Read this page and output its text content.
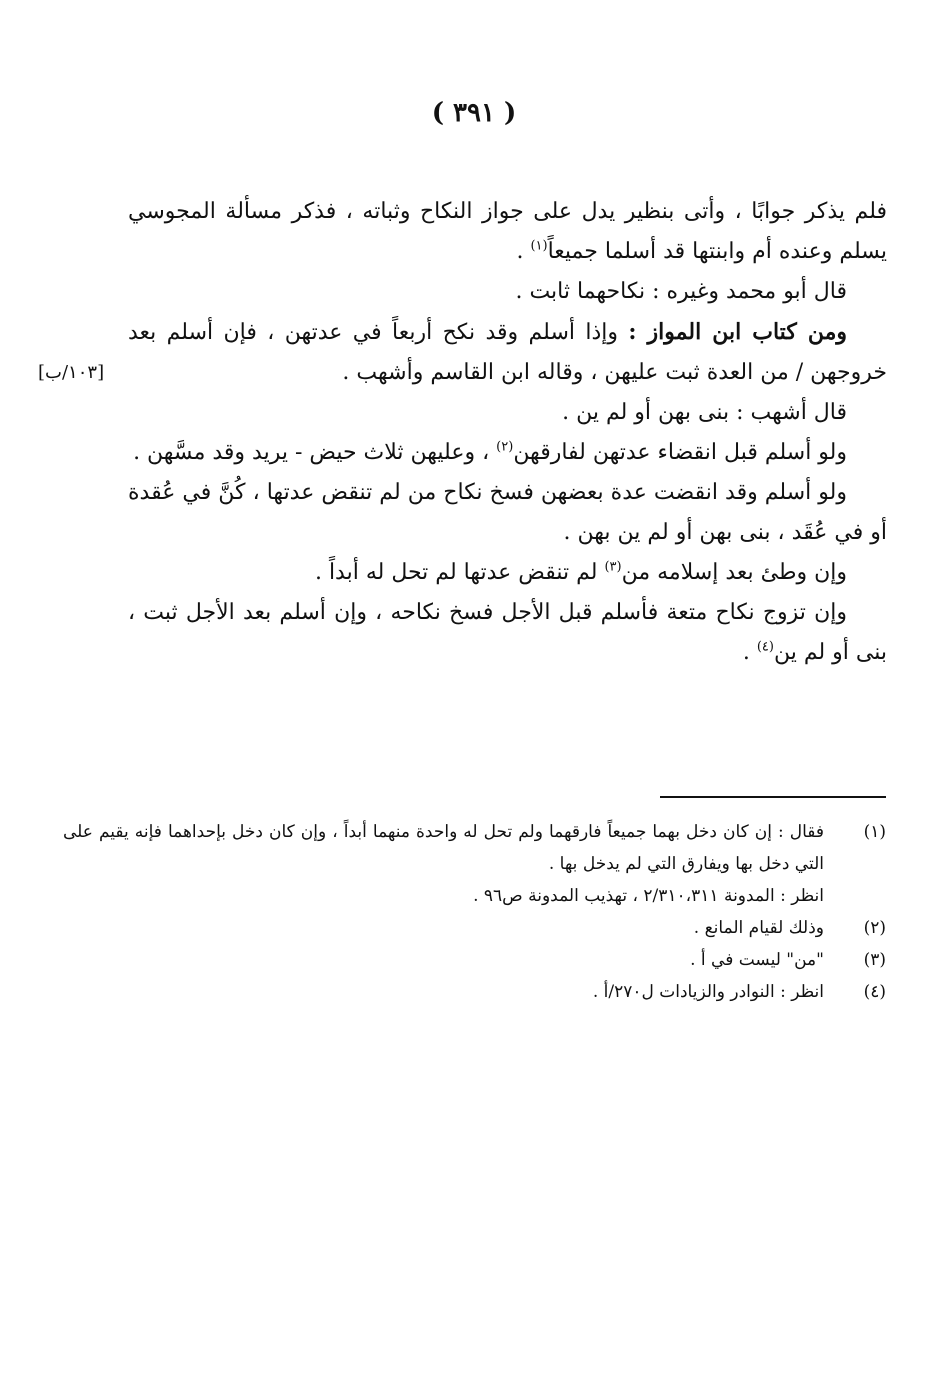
( ٣٩١ )
[١٠٣/ب]

فلم يذكر جوابًا ، وأتى بنظير يدل على جواز النكاح وثباته ، فذكر مسألة المجوسي يسلم وعنده أم وابنتها قد أسلما جميعاً$^{(١)}$ .

قال أبو محمد وغيره : نكاحهما ثابت .

ومن كتاب ابن المواز : وإذا أسلم وقد نكح أربعاً في عدتهن ، فإن أسلم بعد خروجهن / من العدة ثبت عليهن ، وقاله ابن القاسم وأشهب .

قال أشهب : بنى بهن أو لم ين .

ولو أسلم قبل انقضاء عدتهن لفارقهن$^{(٢)}$ ، وعليهن ثلاث حيض - يريد وقد مسَّهن .

ولو أسلم وقد انقضت عدة بعضهن فسخ نكاح من لم تنقض عدتها ، كُنَّ في عُقدة أو في عُقَد ، بنى بهن أو لم ين بهن .

وإن وطئ بعد إسلامه من$^{(٣)}$ لم تنقض عدتها لم تحل له أبداً .

وإن تزوج نكاح متعة فأسلم قبل الأجل فسخ نكاحه ، وإن أسلم بعد الأجل ثبت ، بنى أو لم ين$^{(٤)}$ .

(١)

فقال : إن كان دخل بهما جميعاً فارقهما ولم تحل له واحدة منهما أبداً ، وإن كان دخل بإحداهما فإنه يقيم على التي دخل بها ويفارق التي لم يدخل بها .

انظر : المدونة ٢/٣١٠،٣١١ ، تهذيب المدونة ص٩٦ .

(٢)

وذلك لقيام المانع .

(٣)

"من" ليست في أ .

(٤)

انظر : النوادر والزيادات ل٢٧٠/أ .
